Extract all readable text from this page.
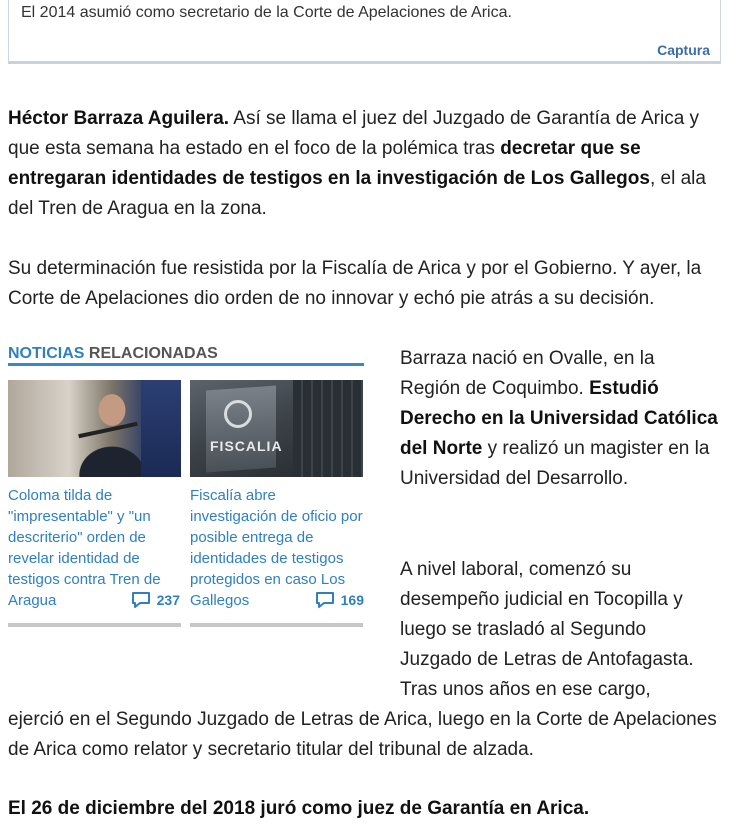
El 2014 asumió como secretario de la Corte de Apelaciones de Arica.
Captura

Héctor Barraza Aguilera. Así se llama el juez del Juzgado de Garantía de Arica y que esta semana ha estado en el foco de la polémica tras decretar que se entregaran identidades de testigos en la investigación de Los Gallegos, el ala del Tren de Aragua en la zona.

Su determinación fue resistida por la Fiscalía de Arica y por el Gobierno. Y ayer, la Corte de Apelaciones dio orden de no innovar y echó pie atrás a su decisión.

NOTICIAS RELACIONADAS
Coloma tilda de "impresentable" y "un descriterio" orden de revelar identidad de testigos contra Tren de Aragua	237
FISCALIA
Fiscalía abre investigación de oficio por posible entrega de identidades de testigos protegidos en caso Los Gallegos	169

Barraza nació en Ovalle, en la Región de Coquimbo. Estudió Derecho en la Universidad Católica del Norte y realizó un magister en la Universidad del Desarrollo.

A nivel laboral, comenzó su desempeño judicial en Tocopilla y luego se trasladó al Segundo Juzgado de Letras de Antofagasta. Tras unos años en ese cargo,

ejerció en el Segundo Juzgado de Letras de Arica, luego en la Corte de Apelaciones de Arica como relator y secretario titular del tribunal de alzada.

El 26 de diciembre del 2018 juró como juez de Garantía en Arica.
